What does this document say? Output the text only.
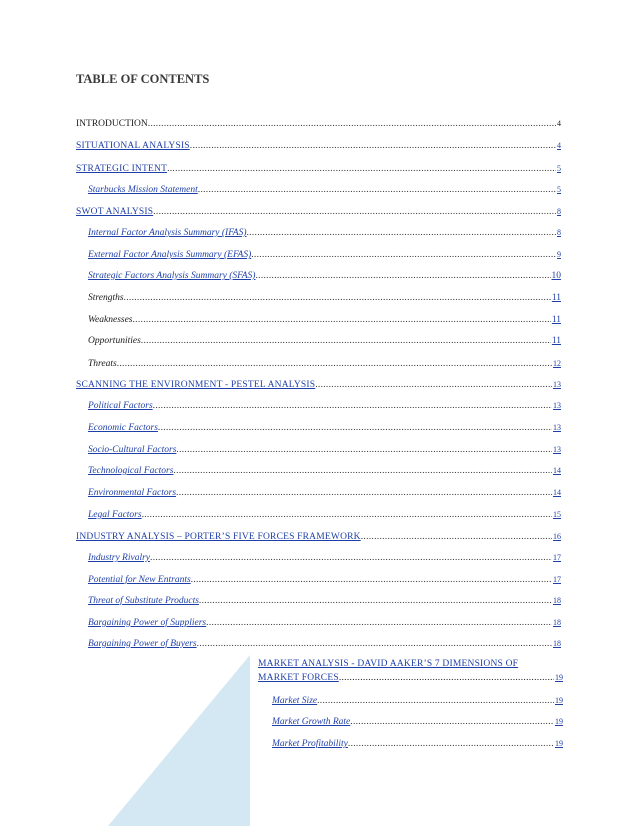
TABLE OF CONTENTS
INTRODUCTION .....	4
SITUATIONAL ANALYSIS .....	4
STRATEGIC INTENT .....	5
Starbucks Mission Statement .....	5
SWOT ANALYSIS .....	8
Internal Factor Analysis Summary (IFAS) .....	8
External Factor Analysis Summary (EFAS) .....	9
Strategic Factors Analysis Summary (SFAS) .....	10
Strengths .....	11
Weaknesses .....	11
Opportunities .....	11
Threats .....	12
SCANNING THE ENVIRONMENT - PESTEL ANALYSIS .....	13
Political Factors .....	13
Economic Factors .....	13
Socio-Cultural Factors .....	13
Technological Factors .....	14
Environmental Factors .....	14
Legal Factors .....	15
INDUSTRY ANALYSIS – PORTER’S FIVE FORCES FRAMEWORK .....	16
Industry Rivalry .....	17
Potential for New Entrants .....	17
Threat of Substitute Products .....	18
Bargaining Power of Suppliers .....	18
Bargaining Power of Buyers .....	18
MARKET ANALYSIS - DAVID AAKER’S 7 DIMENSIONS OF
MARKET FORCES .....	19
Market Size .....	19
Market Growth Rate .....	19
Market Profitability .....	19
